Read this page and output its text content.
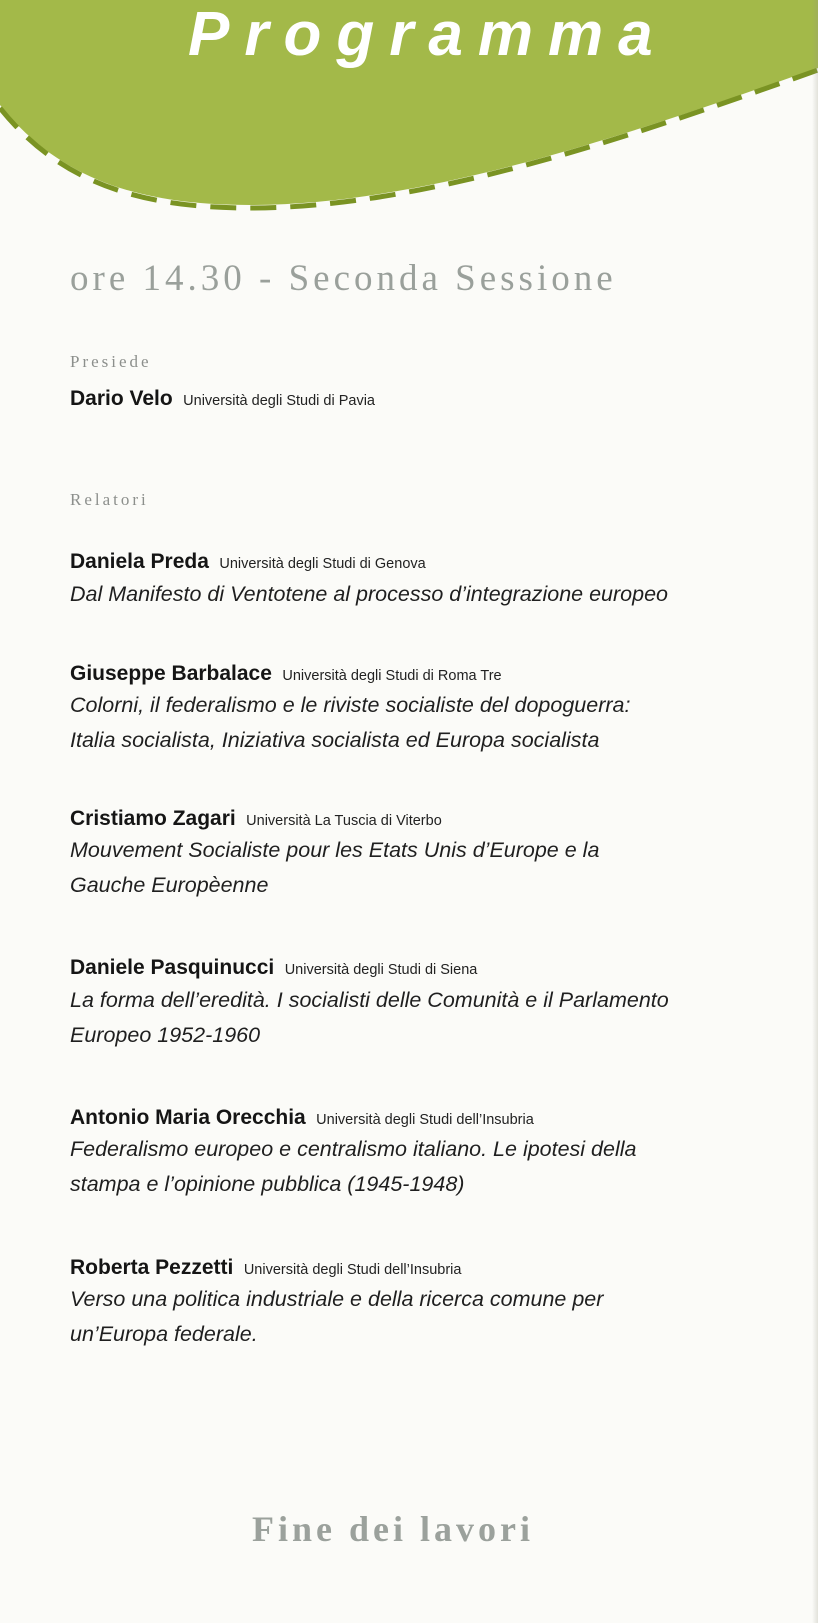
Programma
ore 14.30 - Seconda Sessione
Presiede
Dario Velo Università degli Studi di Pavia
Relatori
Daniela Preda Università degli Studi di Genova
Dal Manifesto di Ventotene al processo d’integrazione europeo
Giuseppe Barbalace Università degli Studi di Roma Tre
Colorni, il federalismo e le riviste socialiste del dopoguerra:
Italia socialista, Iniziativa socialista ed Europa socialista
Cristiamo Zagari Università La Tuscia di Viterbo
Mouvement Socialiste pour les Etats Unis d’Europe e la
Gauche Europèenne
Daniele Pasquinucci Università degli Studi di Siena
La forma dell’eredità. I socialisti delle Comunità e il Parlamento
Europeo 1952-1960
Antonio Maria Orecchia Università degli Studi dell’Insubria
Federalismo europeo e centralismo italiano. Le ipotesi della
stampa e l’opinione pubblica (1945-1948)
Roberta Pezzetti Università degli Studi dell’Insubria
Verso una politica industriale e della ricerca comune per
un’Europa federale.
Fine dei lavori
